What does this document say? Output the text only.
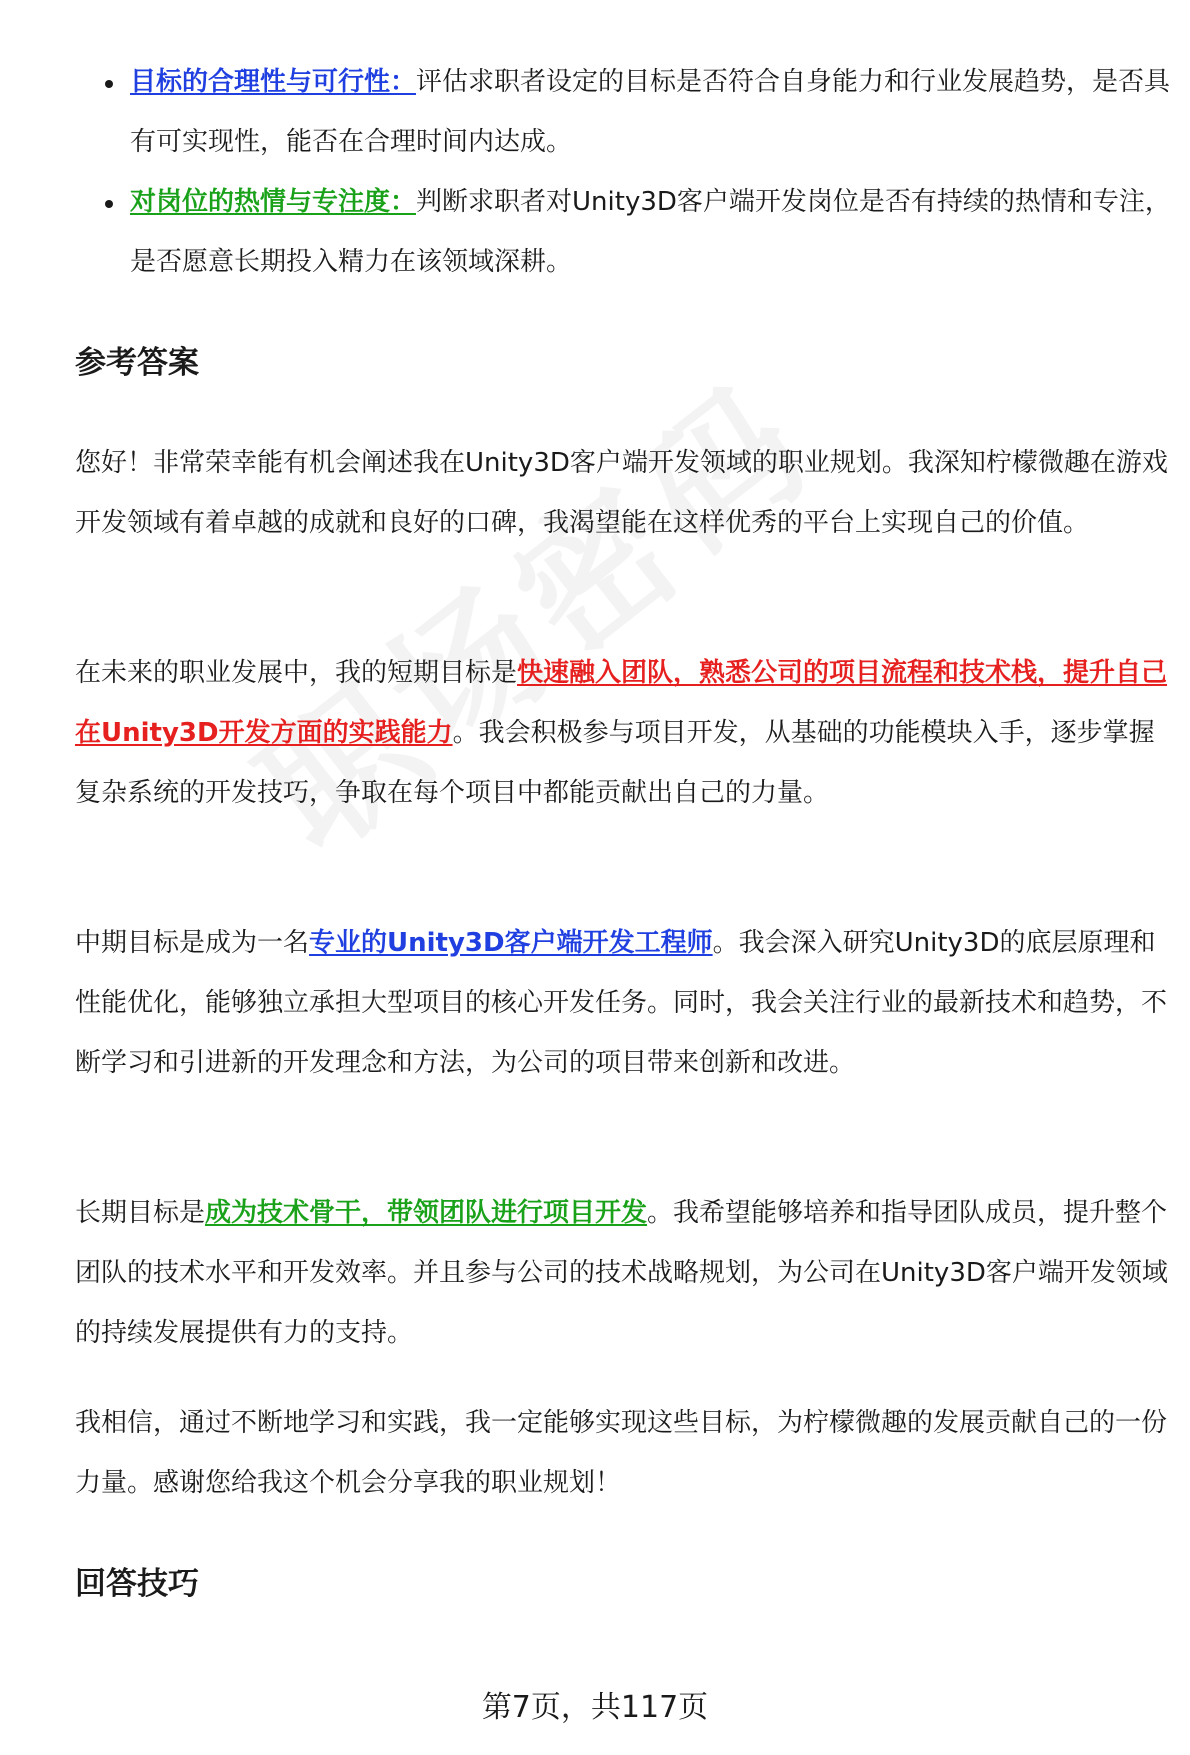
目标的合理性与可行性：评估求职者设定的目标是否符合自身能力和行业发展趋势，是否具有可实现性，能否在合理时间内达成。
对岗位的热情与专注度：判断求职者对Unity3D客户端开发岗位是否有持续的热情和专注，是否愿意长期投入精力在该领域深耕。
参考答案

您好！非常荣幸能有机会阐述我在Unity3D客户端开发领域的职业规划。我深知柠檬微趣在游戏开发领域有着卓越的成就和良好的口碑，我渴望能在这样优秀的平台上实现自己的价值。

在未来的职业发展中，我的短期目标是快速融入团队，熟悉公司的项目流程和技术栈，提升自己在Unity3D开发方面的实践能力。我会积极参与项目开发，从基础的功能模块入手，逐步掌握复杂系统的开发技巧，争取在每个项目中都能贡献出自己的力量。

中期目标是成为一名专业的Unity3D客户端开发工程师。我会深入研究Unity3D的底层原理和性能优化，能够独立承担大型项目的核心开发任务。同时，我会关注行业的最新技术和趋势，不断学习和引进新的开发理念和方法，为公司的项目带来创新和改进。

长期目标是成为技术骨干，带领团队进行项目开发。我希望能够培养和指导团队成员，提升整个团队的技术水平和开发效率。并且参与公司的技术战略规划，为公司在Unity3D客户端开发领域的持续发展提供有力的支持。

我相信，通过不断地学习和实践，我一定能够实现这些目标，为柠檬微趣的发展贡献自己的一份力量。感谢您给我这个机会分享我的职业规划！

回答技巧
第7页，共117页
